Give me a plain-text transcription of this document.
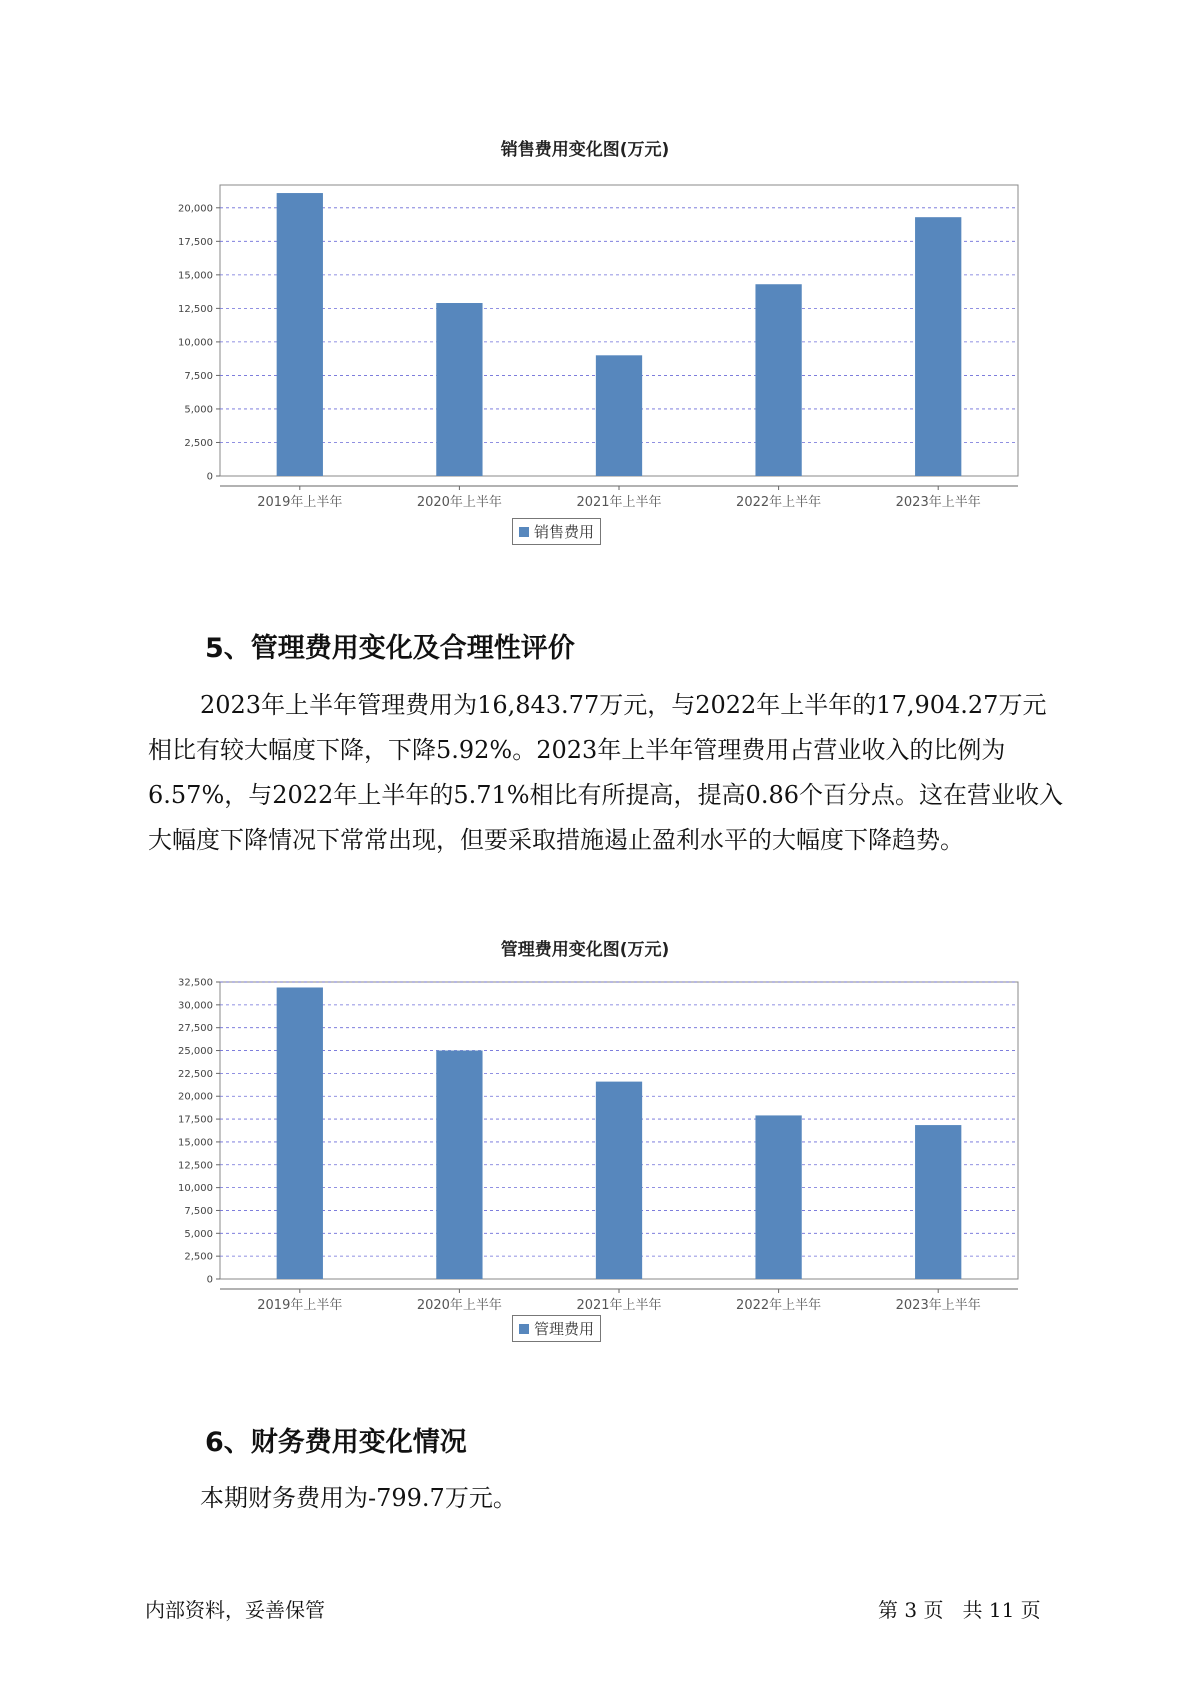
销售费用变化图(万元)
0
2,500
5,000
7,500
10,000
12,500
15,000
17,500
20,000
2019年上半年	2020年上半年	2021年上半年	2022年上半年	2023年上半年
销售费用
5、管理费用变化及合理性评价

2023年上半年管理费用为16,843.77万元，与2022年上半年的17,904.27万元相比有较大幅度下降，下降5.92%。2023年上半年管理费用占营业收入的比例为6.57%，与2022年上半年的5.71%相比有所提高，提高0.86个百分点。这在营业收入大幅度下降情况下常常出现，但要采取措施遏止盈利水平的大幅度下降趋势。

管理费用变化图(万元)
0
2,500
5,000
7,500
10,000
12,500
15,000
17,500
20,000
22,500
25,000
27,500
30,000
32,500
2019年上半年	2020年上半年	2021年上半年	2022年上半年	2023年上半年
管理费用
6、财务费用变化情况

本期财务费用为-799.7万元。

内部资料，妥善保管	第 3 页   共 11 页
